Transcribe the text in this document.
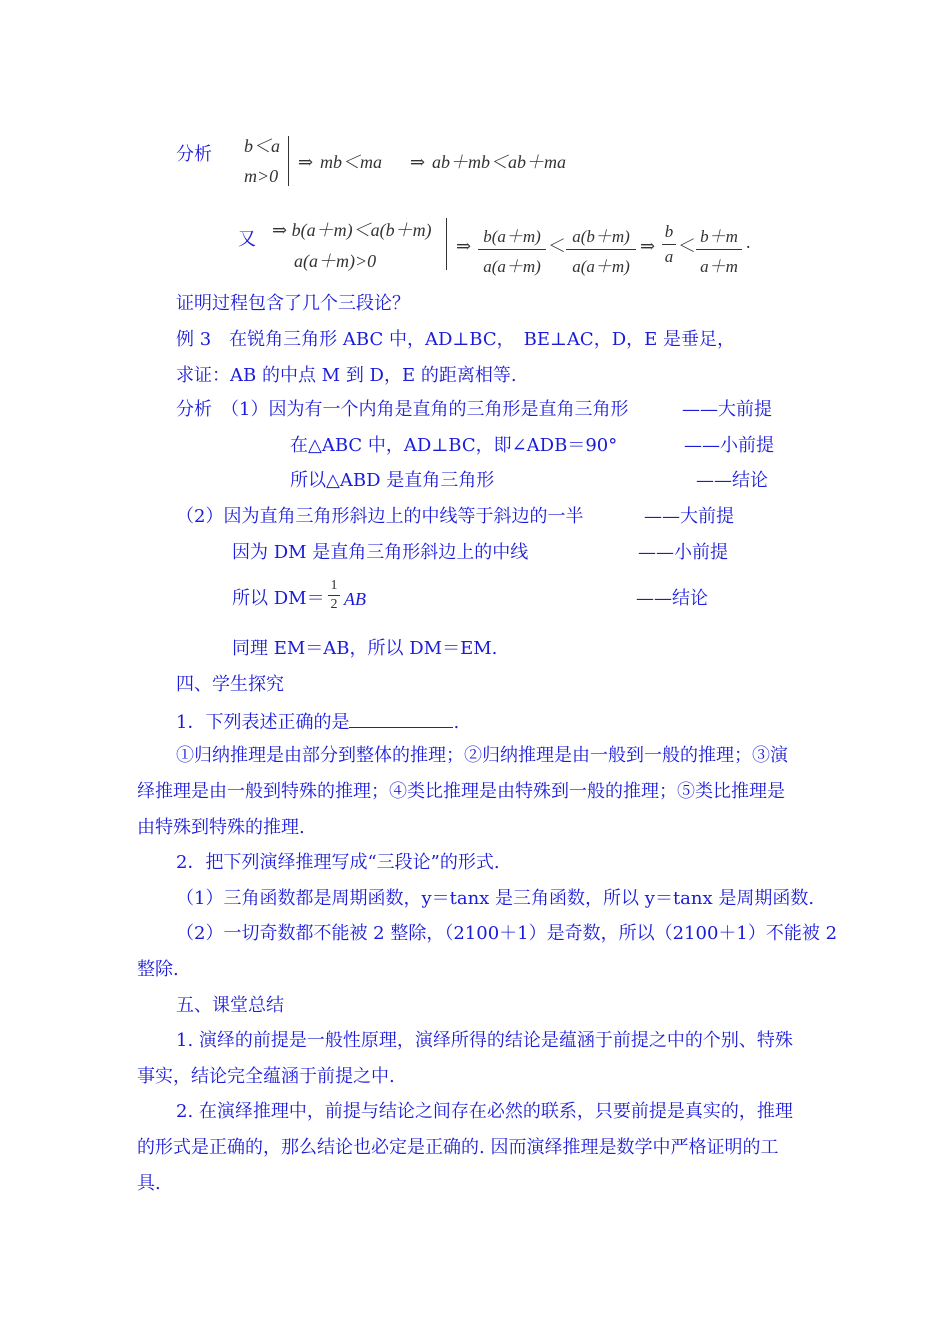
分析 b＜a
m>0
⇒ mb＜ma ⇒ ab＋mb＜ab＋ma
又 ⇒ b(a＋m)＜a(b＋m)
a(a＋m)>0
⇒ b(a＋m)
a(a＋m)
＜ a(b＋m)
a(a＋m)
⇒
b
a
＜ b＋m
a＋m
.
证明过程包含了几个三段论？
例 3　在锐角三角形 ABC 中，AD⊥BC，　BE⊥AC，D，E 是垂足，
求证：AB 的中点 M 到 D，E 的距离相等.
分析　（1）因为有一个内角是直角的三角形是直角三角形	——大前提
在△ABC 中，AD⊥BC，即∠ADB＝90°	——小前提
所以△ABD 是直角三角形	——结论
（2）因为直角三角形斜边上的中线等于斜边的一半	——大前提
因为 DM 是直角三角形斜边上的中线	——小前提
所以 DM＝
1
2 AB	——结论
同理 EM＝AB，所以 DM＝EM.
四、学生探究
1．下列表述正确的是	.
①归纳推理是由部分到整体的推理；②归纳推理是由一般到一般的推理；③演
绎推理是由一般到特殊的推理；④类比推理是由特殊到一般的推理；⑤类比推理是
由特殊到特殊的推理.
2．把下列演绎推理写成“三段论”的形式.
（1）三角函数都是周期函数，y＝tanx 是三角函数，所以 y＝tanx 是周期函数.
（2）一切奇数都不能被 2 整除，（2100＋1）是奇数，所以（2100＋1）不能被 2
整除.
五、课堂总结
1. 演绎的前提是一般性原理，演绎所得的结论是蕴涵于前提之中的个别、特殊
事实，结论完全蕴涵于前提之中.
2. 在演绎推理中，前提与结论之间存在必然的联系，只要前提是真实的，推理
的形式是正确的，那么结论也必定是正确的. 因而演绎推理是数学中严格证明的工
具.
